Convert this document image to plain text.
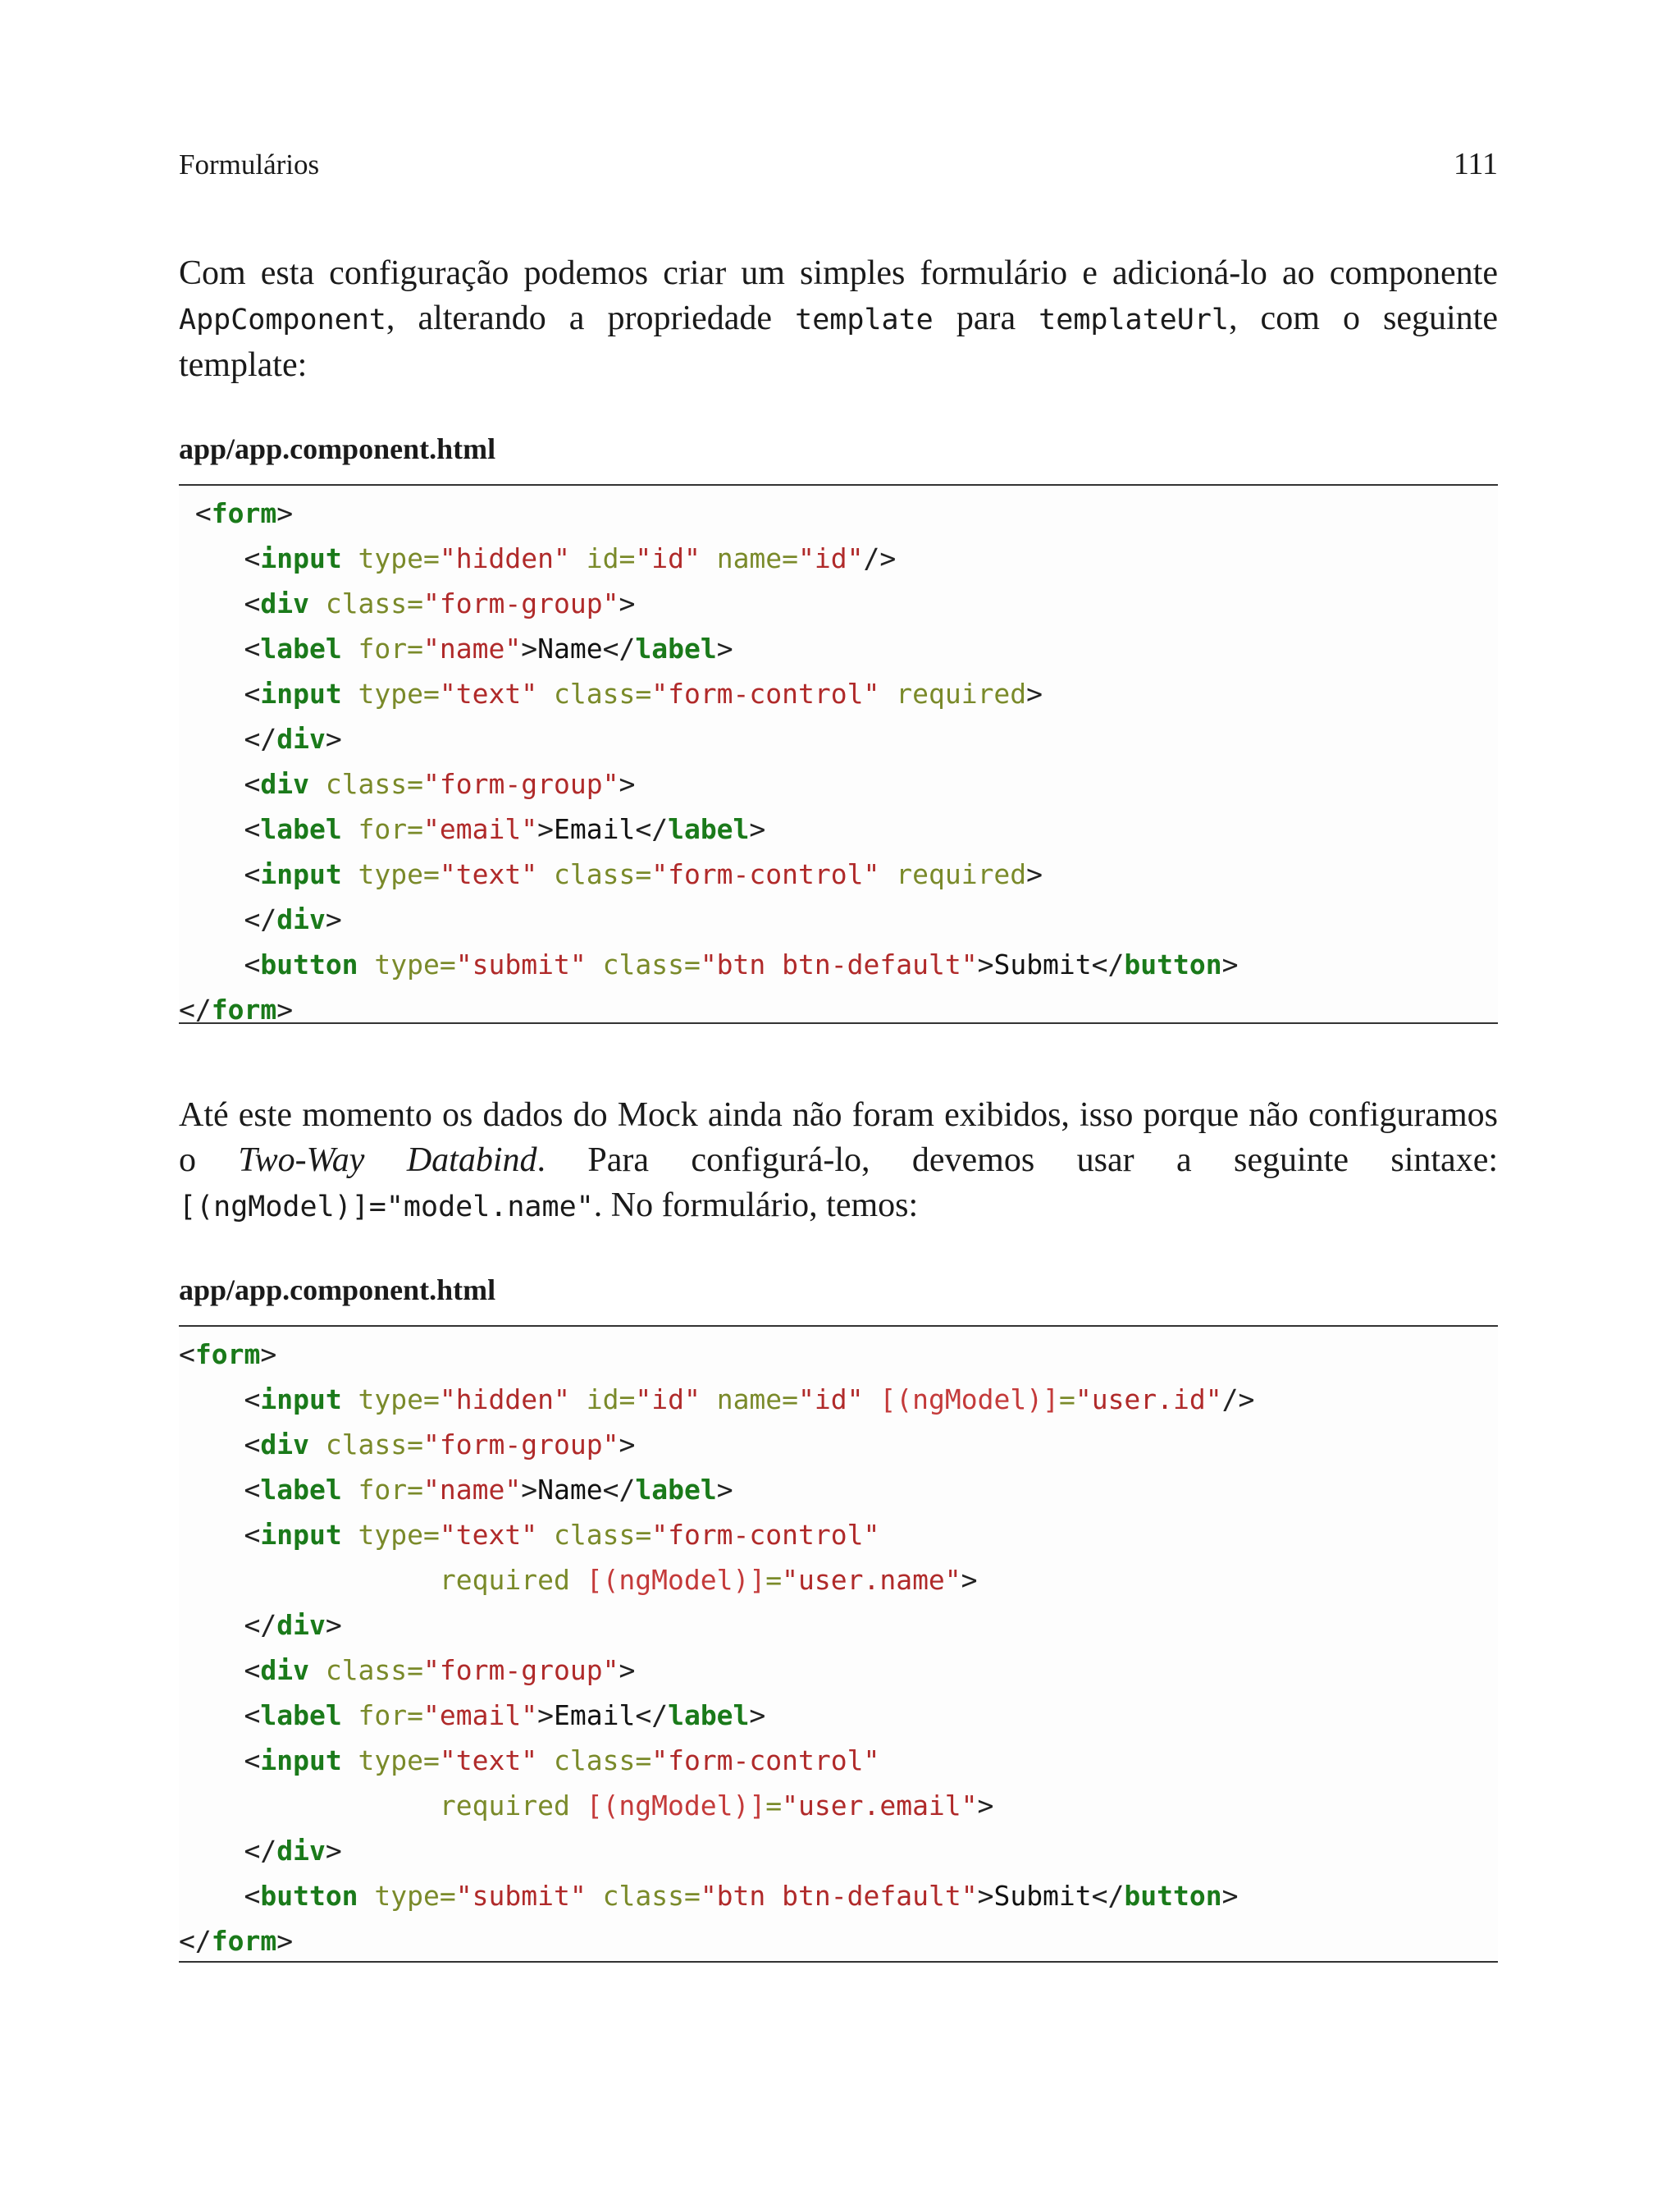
Formulários	111

Com esta configuração podemos criar um simples formulário e adicioná-lo ao componente AppComponent, alterando a propriedade template para templateUrl, com o seguinte template:

app/app.component.html
<form>
<input type="hidden" id="id" name="id"/>
<div class="form-group">
<label for="name">Name</label>
<input type="text" class="form-control" required>
</div>
<div class="form-group">
<label for="email">Email</label>
<input type="text" class="form-control" required>
</div>
<button type="submit" class="btn btn-default">Submit</button>
</form>

Até este momento os dados do Mock ainda não foram exibidos, isso porque não configuramos o Two-Way Databind. Para configurá-lo, devemos usar a seguinte sintaxe: [(ngModel)]="model.name". No formulário, temos:

app/app.component.html
<form>
<input type="hidden" id="id" name="id" [(ngModel)]="user.id"/>
<div class="form-group">
<label for="name">Name</label>
<input type="text" class="form-control"
required [(ngModel)]="user.name">
</div>
<div class="form-group">
<label for="email">Email</label>
<input type="text" class="form-control"
required [(ngModel)]="user.email">
</div>
<button type="submit" class="btn btn-default">Submit</button>
</form>
